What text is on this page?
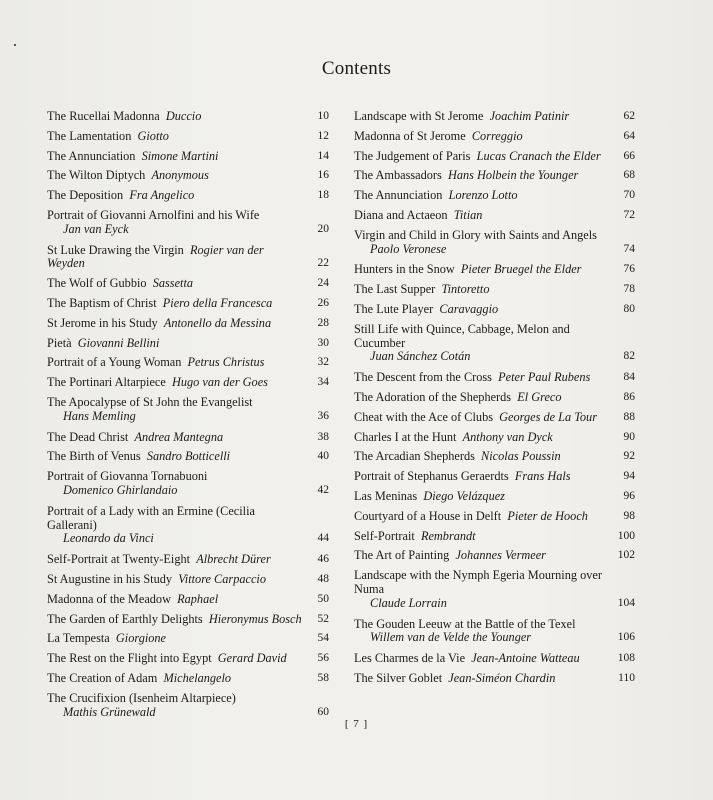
Contents
The Rucellai Madonna Duccio	10
The Lamentation Giotto	12
The Annunciation Simone Martini	14
The Wilton Diptych Anonymous	16
The Deposition Fra Angelico	18
Portrait of Giovanni Arnolfini and his Wife
Jan van Eyck	20
St Luke Drawing the Virgin Rogier van der Weyden	22
The Wolf of Gubbio Sassetta	24
The Baptism of Christ Piero della Francesca	26
St Jerome in his Study Antonello da Messina	28
Pietà Giovanni Bellini	30
Portrait of a Young Woman Petrus Christus	32
The Portinari Altarpiece Hugo van der Goes	34
The Apocalypse of St John the Evangelist
Hans Memling	36
The Dead Christ Andrea Mantegna	38
The Birth of Venus Sandro Botticelli	40
Portrait of Giovanna Tornabuoni
Domenico Ghirlandaio	42
Portrait of a Lady with an Ermine (Cecilia Gallerani)
Leonardo da Vinci	44
Self-Portrait at Twenty-Eight Albrecht Dürer	46
St Augustine in his Study Vittore Carpaccio	48
Madonna of the Meadow Raphael	50
The Garden of Earthly Delights Hieronymus Bosch	52
La Tempesta Giorgione	54
The Rest on the Flight into Egypt Gerard David	56
The Creation of Adam Michelangelo	58
The Crucifixion (Isenheim Altarpiece)
Mathis Grünewald	60
Landscape with St Jerome Joachim Patinir	62
Madonna of St Jerome Correggio	64
The Judgement of Paris Lucas Cranach the Elder	66
The Ambassadors Hans Holbein the Younger	68
The Annunciation Lorenzo Lotto	70
Diana and Actaeon Titian	72
Virgin and Child in Glory with Saints and Angels
Paolo Veronese	74
Hunters in the Snow Pieter Bruegel the Elder	76
The Last Supper Tintoretto	78
The Lute Player Caravaggio	80
Still Life with Quince, Cabbage, Melon and Cucumber
Juan Sánchez Cotán	82
The Descent from the Cross Peter Paul Rubens	84
The Adoration of the Shepherds El Greco	86
Cheat with the Ace of Clubs Georges de La Tour	88
Charles I at the Hunt Anthony van Dyck	90
The Arcadian Shepherds Nicolas Poussin	92
Portrait of Stephanus Geraerdts Frans Hals	94
Las Meninas Diego Velázquez	96
Courtyard of a House in Delft Pieter de Hooch	98
Self-Portrait Rembrandt	100
The Art of Painting Johannes Vermeer	102
Landscape with the Nymph Egeria Mourning over Numa
Claude Lorrain	104
The Gouden Leeuw at the Battle of the Texel
Willem van de Velde the Younger	106
Les Charmes de la Vie Jean-Antoine Watteau	108
The Silver Goblet Jean-Siméon Chardin	110
[ 7 ]
